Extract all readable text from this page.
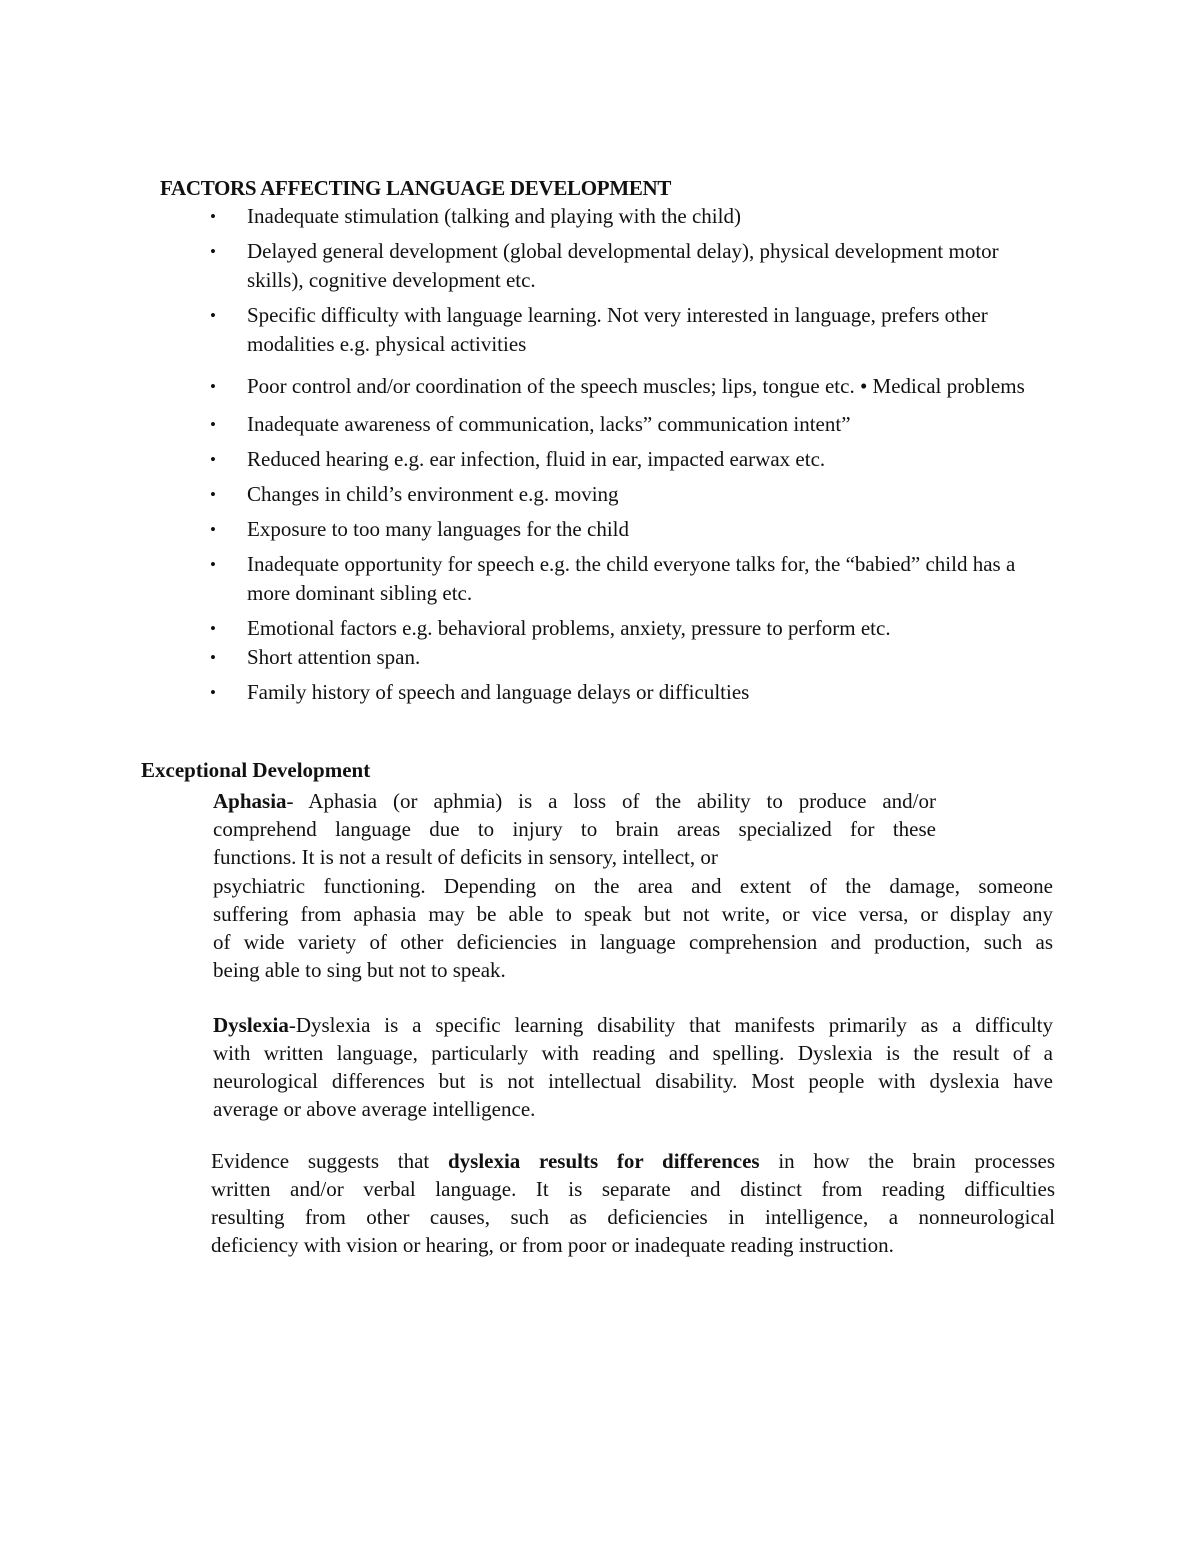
FACTORS AFFECTING LANGUAGE DEVELOPMENT
• Inadequate stimulation (talking and playing with the child)
• Delayed general development (global developmental delay), physical development motor skills), cognitive development etc.
• Specific difficulty with language learning. Not very interested in language, prefers other modalities e.g. physical activities
• Poor control and/or coordination of the speech muscles; lips, tongue etc. • Medical problems
• Inadequate awareness of communication, lacks” communication intent”
• Reduced hearing e.g. ear infection, fluid in ear, impacted earwax etc.
• Changes in child’s environment e.g. moving
• Exposure to too many languages for the child
• Inadequate opportunity for speech e.g. the child everyone talks for, the “babied” child has a more dominant sibling etc.
• Emotional factors e.g. behavioral problems, anxiety, pressure to perform etc.
• Short attention span.
• Family history of speech and language delays or difficulties
Exceptional Development
Aphasia- Aphasia (or aphmia) is a loss of the ability to produce and/or
comprehend language due to injury to brain areas specialized for these
functions. It is not a result of deficits in sensory, intellect, or
psychiatric functioning. Depending on the area and extent of the damage, someone
suffering from aphasia may be able to speak but not write, or vice versa, or display any
of wide variety of other deficiencies in language comprehension and production, such as
being able to sing but not to speak.
Dyslexia-Dyslexia is a specific learning disability that manifests primarily as a difficulty
with written language, particularly with reading and spelling. Dyslexia is the result of a
neurological differences but is not intellectual disability. Most people with dyslexia have
average or above average intelligence.
Evidence suggests that dyslexia results for differences in how the brain processes
written and/or verbal language. It is separate and distinct from reading difficulties
resulting from other causes, such as deficiencies in intelligence, a nonneurological
deficiency with vision or hearing, or from poor or inadequate reading instruction.
